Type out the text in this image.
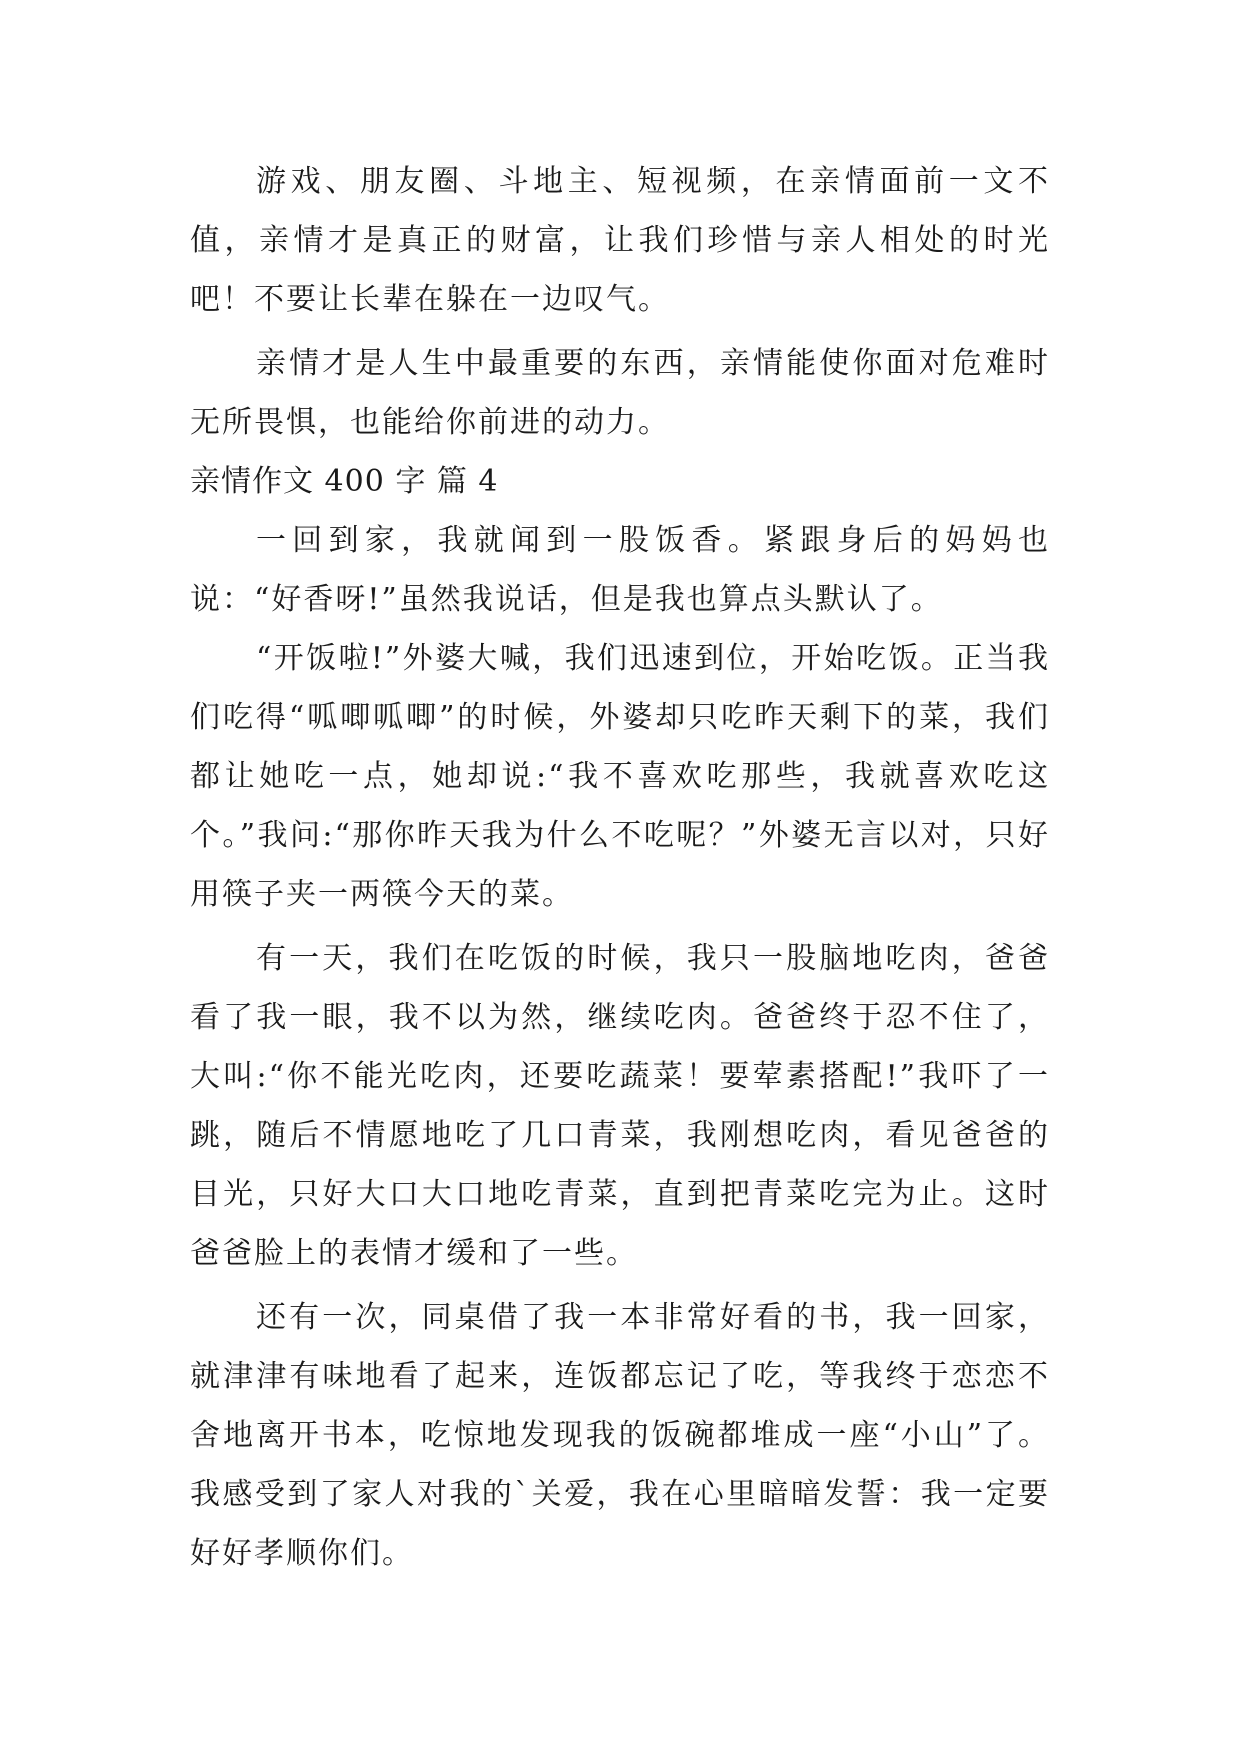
游戏、朋友圈、斗地主、短视频，在亲情面前一文不值，亲情才是真正的财富，让我们珍惜与亲人相处的时光吧！不要让长辈在躲在一边叹气。

亲情才是人生中最重要的东西，亲情能使你面对危难时无所畏惧，也能给你前进的动力。

亲情作文 400 字 篇 4

一回到家，我就闻到一股饭香。紧跟身后的妈妈也说：“好香呀!”虽然我说话，但是我也算点头默认了。

“开饭啦!”外婆大喊，我们迅速到位，开始吃饭。正当我们吃得“呱唧呱唧”的时候，外婆却只吃昨天剩下的菜，我们都让她吃一点，她却说:“我不喜欢吃那些，我就喜欢吃这个。”我问:“那你昨天我为什么不吃呢？”外婆无言以对，只好用筷子夹一两筷今天的菜。

有一天，我们在吃饭的时候，我只一股脑地吃肉，爸爸看了我一眼，我不以为然，继续吃肉。爸爸终于忍不住了，大叫:“你不能光吃肉，还要吃蔬菜！要荤素搭配!”我吓了一跳，随后不情愿地吃了几口青菜，我刚想吃肉，看见爸爸的目光，只好大口大口地吃青菜，直到把青菜吃完为止。这时爸爸脸上的表情才缓和了一些。

还有一次，同桌借了我一本非常好看的书，我一回家，就津津有味地看了起来，连饭都忘记了吃，等我终于恋恋不舍地离开书本，吃惊地发现我的饭碗都堆成一座“小山”了。我感受到了家人对我的`关爱，我在心里暗暗发誓：我一定要好好孝顺你们。
